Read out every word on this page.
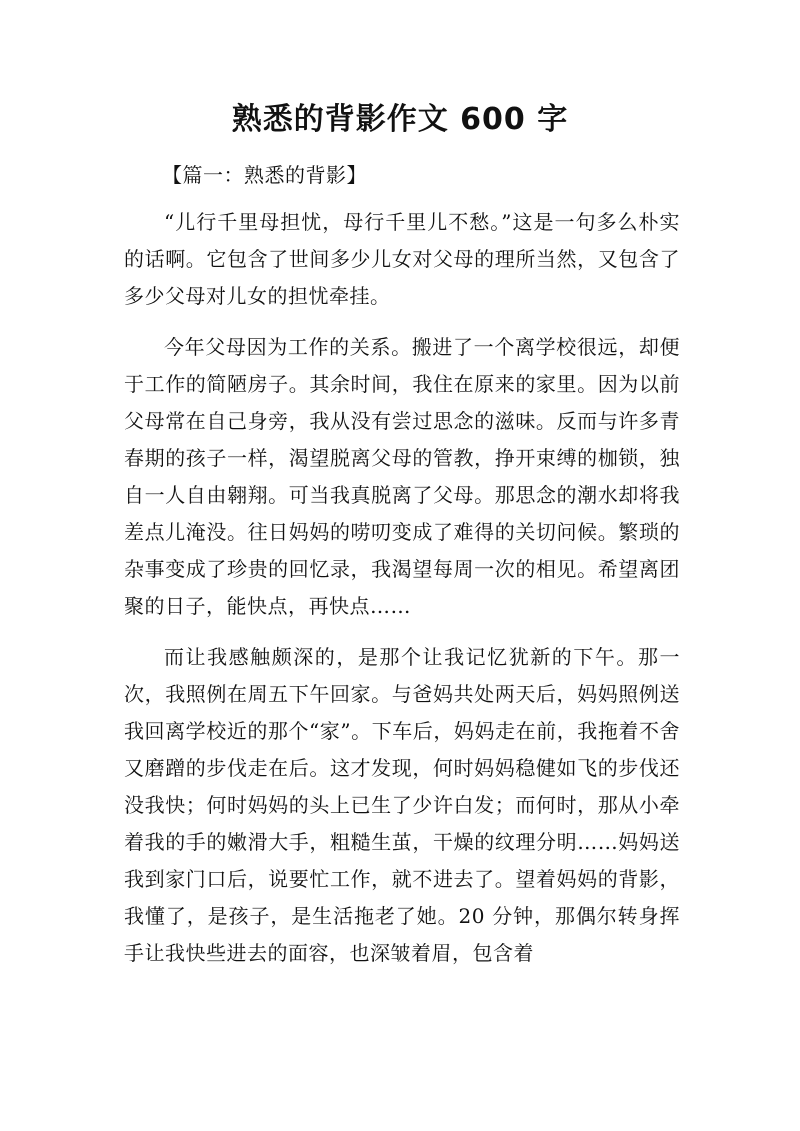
熟悉的背影作文 600 字

【篇一：熟悉的背影】

“儿行千里母担忧，母行千里儿不愁。”这是一句多么朴实的话啊。它包含了世间多少儿女对父母的理所当然，又包含了多少父母对儿女的担忧牵挂。

今年父母因为工作的关系。搬进了一个离学校很远，却便于工作的简陋房子。其余时间，我住在原来的家里。因为以前父母常在自己身旁，我从没有尝过思念的滋味。反而与许多青春期的孩子一样，渴望脱离父母的管教，挣开束缚的枷锁，独自一人自由翱翔。可当我真脱离了父母。那思念的潮水却将我差点儿淹没。往日妈妈的唠叨变成了难得的关切问候。繁琐的杂事变成了珍贵的回忆录，我渴望每周一次的相见。希望离团聚的日子，能快点，再快点……

而让我感触颇深的，是那个让我记忆犹新的下午。那一次，我照例在周五下午回家。与爸妈共处两天后，妈妈照例送我回离学校近的那个“家”。下车后，妈妈走在前，我拖着不舍又磨蹭的步伐走在后。这才发现，何时妈妈稳健如飞的步伐还没我快；何时妈妈的头上已生了少许白发；而何时，那从小牵着我的手的嫩滑大手，粗糙生茧，干燥的纹理分明……妈妈送我到家门口后，说要忙工作，就不进去了。望着妈妈的背影，我懂了，是孩子，是生活拖老了她。20 分钟，那偶尔转身挥手让我快些进去的面容，也深皱着眉，包含着
